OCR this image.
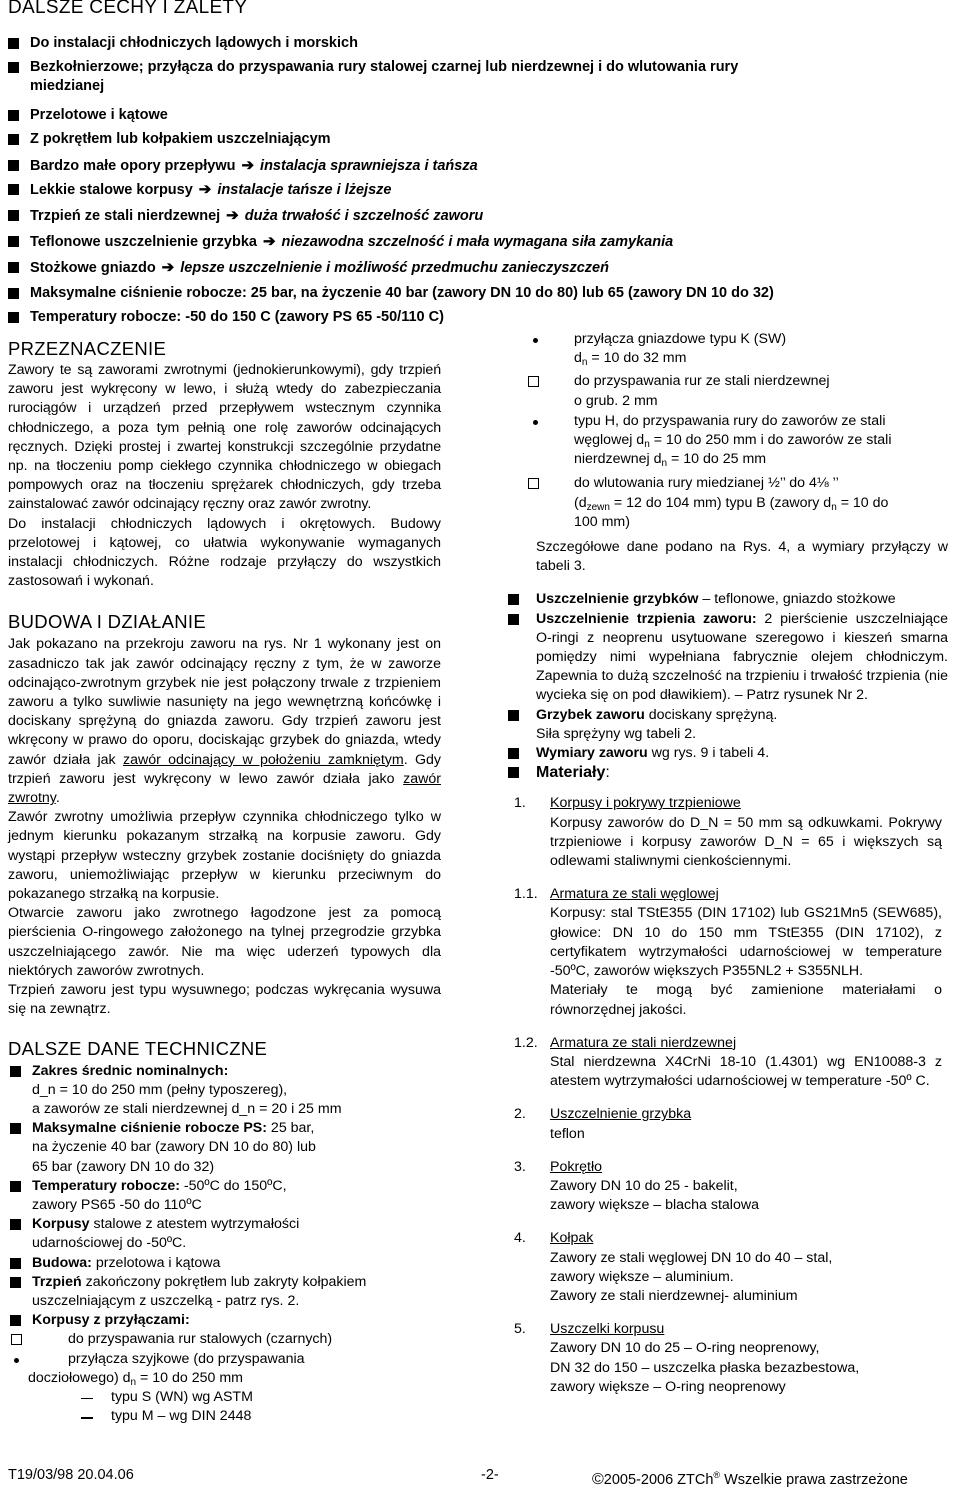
DALSZE CECHY I ZALETY
Do instalacji chłodniczych lądowych i morskich
Bezkołnierzowe; przyłącza do przyspawania rury stalowej czarnej lub nierdzewnej i do wlutowania rury
miedzianej
Przelotowe i kątowe
Z pokrętłem lub kołpakiem uszczelniającym
Bardzo małe opory przepływu ➔ instalacja sprawniejsza i tańsza
Lekkie stalowe korpusy ➔ instalacje tańsze i lżejsze
Trzpień ze stali nierdzewnej ➔ duża trwałość i szczelność zaworu
Teflonowe uszczelnienie grzybka ➔ niezawodna szczelność i mała wymagana siła zamykania
Stożkowe gniazdo ➔ lepsze uszczelnienie i możliwość przedmuchu zanieczyszczeń
Maksymalne ciśnienie robocze: 25 bar, na życzenie 40 bar (zawory DN 10 do 80) lub 65 (zawory DN 10 do 32)
Temperatury robocze: -50 do 150 C (zawory PS 65 -50/110 C)
PRZEZNACZENIE
Zawory te są zaworami zwrotnymi (jednokierunkowymi), gdy trzpień zaworu jest wykręcony w lewo, i służą wtedy do zabezpieczania rurociągów i urządzeń przed przepływem wstecznym czynnika chłodniczego, a poza tym pełnią one rolę zaworów odcinających ręcznych. Dzięki prostej i zwartej konstrukcji szczególnie przydatne np. na tłoczeniu pomp ciekłego czynnika chłodniczego w obiegach pompowych oraz na tłoczeniu sprężarek chłodniczych, gdy trzeba zainstalować zawór odcinający ręczny oraz zawór zwrotny.
Do instalacji chłodniczych lądowych i okrętowych. Budowy przelotowej i kątowej, co ułatwia wykonywanie wymaganych instalacji chłodniczych. Różne rodzaje przyłączy do wszystkich zastosowań i wykonań.
BUDOWA I DZIAŁANIE
Jak pokazano na przekroju zaworu na rys. Nr 1 wykonany jest on zasadniczo tak jak zawór odcinający ręczny z tym, że w zaworze odcinająco-zwrotnym grzybek nie jest połączony trwale z trzpieniem zaworu a tylko suwliwie nasunięty na jego wewnętrzną końcówkę i dociskany sprężyną do gniazda zaworu. Gdy trzpień zaworu jest wkręcony w prawo do oporu, dociskając grzybek do gniazda, wtedy zawór działa jak zawór odcinający w położeniu zamkniętym. Gdy trzpień zaworu jest wykręcony w lewo zawór działa jako zawór zwrotny.
Zawór zwrotny umożliwia przepływ czynnika chłodniczego tylko w jednym kierunku pokazanym strzałką na korpusie zaworu. Gdy wystąpi przepływ wsteczny grzybek zostanie dociśnięty do gniazda zaworu, uniemożliwiając przepływ w kierunku przeciwnym do pokazanego strzałką na korpusie.
Otwarcie zaworu jako zwrotnego łagodzone jest za pomocą pierścienia O-ringowego założonego na tylnej przegrodzie grzybka uszczelniającego zawór. Nie ma więc uderzeń typowych dla niektórych zaworów zwrotnych.
Trzpień zaworu jest typu wysuwnego; podczas wykręcania wysuwa się na zewnątrz.
DALSZE DANE TECHNICZNE
Zakres średnic nominalnych:
d_n = 10 do 250 mm (pełny typoszereg),
a zaworów ze stali nierdzewnej d_n = 20 i 25 mm
Maksymalne ciśnienie robocze PS: 25 bar,
na życzenie 40 bar (zawory DN 10 do 80) lub
65 bar (zawory DN 10 do 32)
Temperatury robocze: -50ºC do 150ºC,
zawory PS65 -50 do 110ºC
Korpusy stalowe z atestem wytrzymałości
udarnościowej do -50ºC.
Budowa: przelotowa i kątowa
Trzpień zakończony pokrętłem lub zakryty kołpakiem
uszczelniającym z uszczelką - patrz rys. 2.
Korpusy z przyłączami:
do przyspawania rur stalowych (czarnych)
przyłącza szyjkowe (do przyspawania
docziołowego) $d_n = 10$ do 250 mm
typu S (WN) wg ASTM
typu M – wg DIN 2448
przyłącza gniazdowe typu K (SW)
$d_n = 10$ do 32 mm
do przyspawania rur ze stali nierdzewnej
o grub. 2 mm
typu H, do przyspawania rury do zaworów ze stali
węglowej $d_n = 10$ do 250 mm i do zaworów ze stali
nierdzewnej $d_n = 10$ do 25 mm
do wlutowania rury miedzianej ½’’ do 4⅛ ’’
($d_{zewn} = 12$ do 104 mm) typu B (zawory $d_n = 10$ do
100 mm)
Szczegółowe dane podano na Rys. 4, a wymiary przyłączy w tabeli 3.
Uszczelnienie grzybków – teflonowe, gniazdo stożkowe
Uszczelnienie trzpienia zaworu: 2 pierścienie uszczelniające O-ringi z neoprenu usytuowane szeregowo i kieszeń smarna pomiędzy nimi wypełniana fabrycznie olejem chłodniczym. Zapewnia to dużą szczelność na trzpieniu i trwałość trzpienia (nie wycieka się on pod dławikiem). – Patrz rysunek Nr 2.
Grzybek zaworu dociskany sprężyną.
Siła sprężyny wg tabeli 2.
Wymiary zaworu wg rys. 9 i tabeli 4.
Materiały:
1. Korpusy i pokrywy trzpieniowe
Korpusy zaworów do D_N = 50 mm są odkuwkami. Pokrywy trzpieniowe i korpusy zaworów D_N = 65 i większych są odlewami staliwnymi cienkościennymi.
1.1. Armatura ze stali węglowej
Korpusy: stal TStE355 (DIN 17102) lub GS21Mn5 (SEW685), głowice: DN 10 do 150 mm TStE355 (DIN 17102), z certyfikatem wytrzymałości udarnościowej w temperature -50ºC, zaworów większych P355NL2 + S355NLH.
Materiały te mogą być zamienione materiałami o równorzędnej jakości.
1.2. Armatura ze stali nierdzewnej
Stal nierdzewna X4CrNi 18-10 (1.4301) wg EN10088-3 z atestem wytrzymałości udarnościowej w temperature -50º C.
2. Uszczelnienie grzybka
teflon
3. Pokrętło
Zawory DN 10 do 25 - bakelit,
zawory większe – blacha stalowa
4. Kołpak
Zawory ze stali węglowej DN 10 do 40 – stal,
zawory większe – aluminium.
Zawory ze stali nierdzewnej- aluminium
5. Uszczelki korpusu
Zawory DN 10 do 25 – O-ring neoprenowy,
DN 32 do 150 – uszczelka płaska bezazbestowa,
zawory większe – O-ring neoprenowy
T19/03/98 20.04.06	-2-	©2005-2006 ZTCh® Wszelkie prawa zastrzeżone
